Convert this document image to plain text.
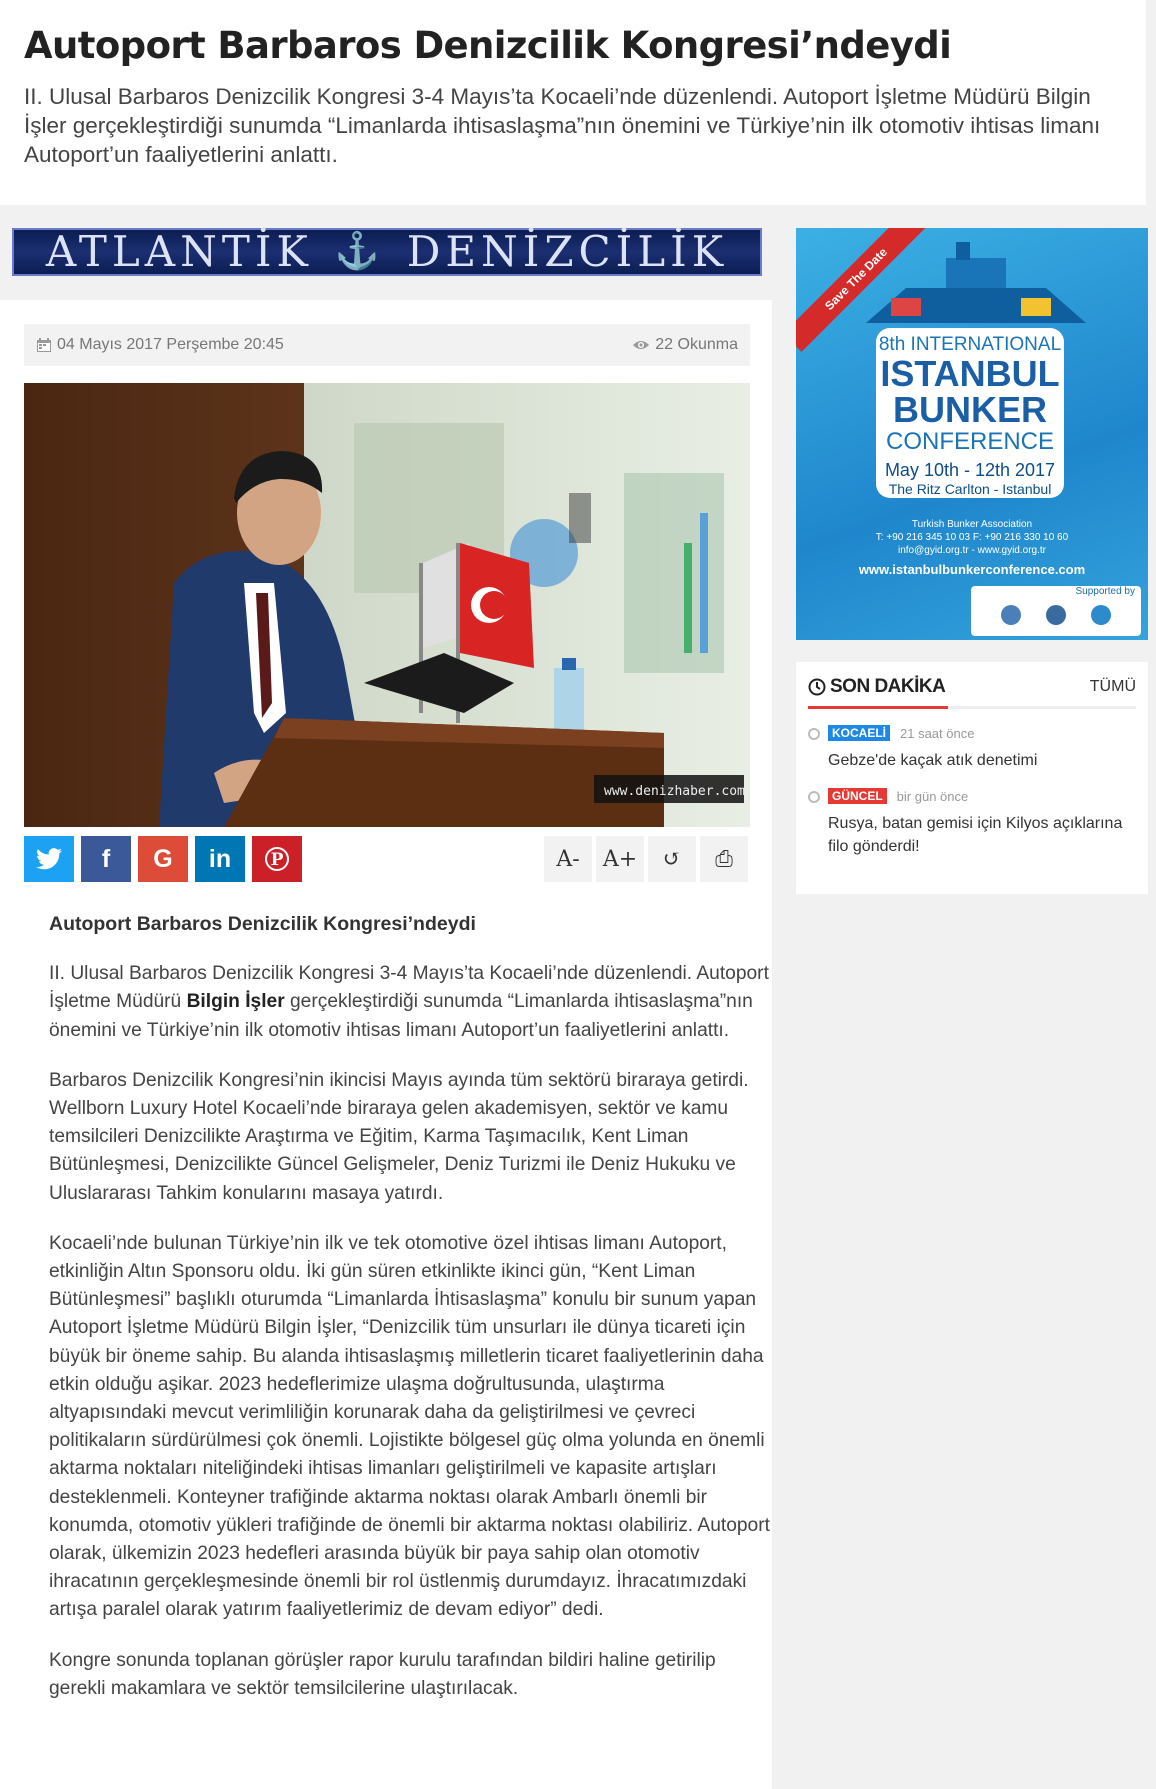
Autoport Barbaros Denizcilik Kongresi’ndeydi

II. Ulusal Barbaros Denizcilik Kongresi 3-4 Mayıs’ta Kocaeli’nde düzenlendi. Autoport İşletme Müdürü Bilgin İşler gerçekleştirdiği sunumda “Limanlarda ihtisaslaşma”nın önemini ve Türkiye’nin ilk otomotiv ihtisas limanı Autoport’un faaliyetlerini anlattı.

ATLANTİK ⚓ DENİZCİLİK
04 Mayıs 2017 Perşembe 20:45	22 Okunma
www.denizhaber.com
f G in P	A- A+ ↺ ⎙
Autoport Barbaros Denizcilik Kongresi’ndeydi

II. Ulusal Barbaros Denizcilik Kongresi 3-4 Mayıs’ta Kocaeli’nde düzenlendi. Autoport İşletme Müdürü Bilgin İşler gerçekleştirdiği sunumda “Limanlarda ihtisaslaşma”nın önemini ve Türkiye’nin ilk otomotiv ihtisas limanı Autoport’un faaliyetlerini anlattı.

Barbaros Denizcilik Kongresi’nin ikincisi Mayıs ayında tüm sektörü biraraya getirdi. Wellborn Luxury Hotel Kocaeli’nde biraraya gelen akademisyen, sektör ve kamu temsilcileri Denizcilikte Araştırma ve Eğitim, Karma Taşımacılık, Kent Liman Bütünleşmesi, Denizcilikte Güncel Gelişmeler, Deniz Turizmi ile Deniz Hukuku ve Uluslararası Tahkim konularını masaya yatırdı.

Kocaeli’nde bulunan Türkiye’nin ilk ve tek otomotive özel ihtisas limanı Autoport, etkinliğin Altın Sponsoru oldu. İki gün süren etkinlikte ikinci gün, “Kent Liman Bütünleşmesi” başlıklı oturumda “Limanlarda İhtisaslaşma” konulu bir sunum yapan Autoport İşletme Müdürü Bilgin İşler, “Denizcilik tüm unsurları ile dünya ticareti için büyük bir öneme sahip. Bu alanda ihtisaslaşmış milletlerin ticaret faaliyetlerinin daha etkin olduğu aşikar. 2023 hedeflerimize ulaşma doğrultusunda, ulaştırma altyapısındaki mevcut verimliliğin korunarak daha da geliştirilmesi ve çevreci politikaların sürdürülmesi çok önemli. Lojistikte bölgesel güç olma yolunda en önemli aktarma noktaları niteliğindeki ihtisas limanları geliştirilmeli ve kapasite artışları desteklenmeli. Konteyner trafiğinde aktarma noktası olarak Ambarlı önemli bir konumda, otomotiv yükleri trafiğinde de önemli bir aktarma noktası olabiliriz. Autoport olarak, ülkemizin 2023 hedefleri arasında büyük bir paya sahip olan otomotiv ihracatının gerçekleşmesinde önemli bir rol üstlenmiş durumdayız. İhracatımızdaki artışa paralel olarak yatırım faaliyetlerimiz de devam ediyor” dedi.

Kongre sonunda toplanan görüşler rapor kurulu tarafından bildiri haline getirilip gerekli makamlara ve sektör temsilcilerine ulaştırılacak.

Save The Date
8th INTERNATIONAL
ISTANBUL
BUNKER
CONFERENCE
May 10th - 12th 2017
The Ritz Carlton - Istanbul
Turkish Bunker Association
T: +90 216 345 10 03 F: +90 216 330 10 60
info@gyid.org.tr - www.gyid.org.tr
www.istanbulbunkerconference.com
Supported by
SON DAKİKA	TÜMÜ
KOCAELİ	21 saat önce
Gebze'de kaçak atık denetimi
GÜNCEL	bir gün önce
Rusya, batan gemisi için Kilyos açıklarına filo gönderdi!
